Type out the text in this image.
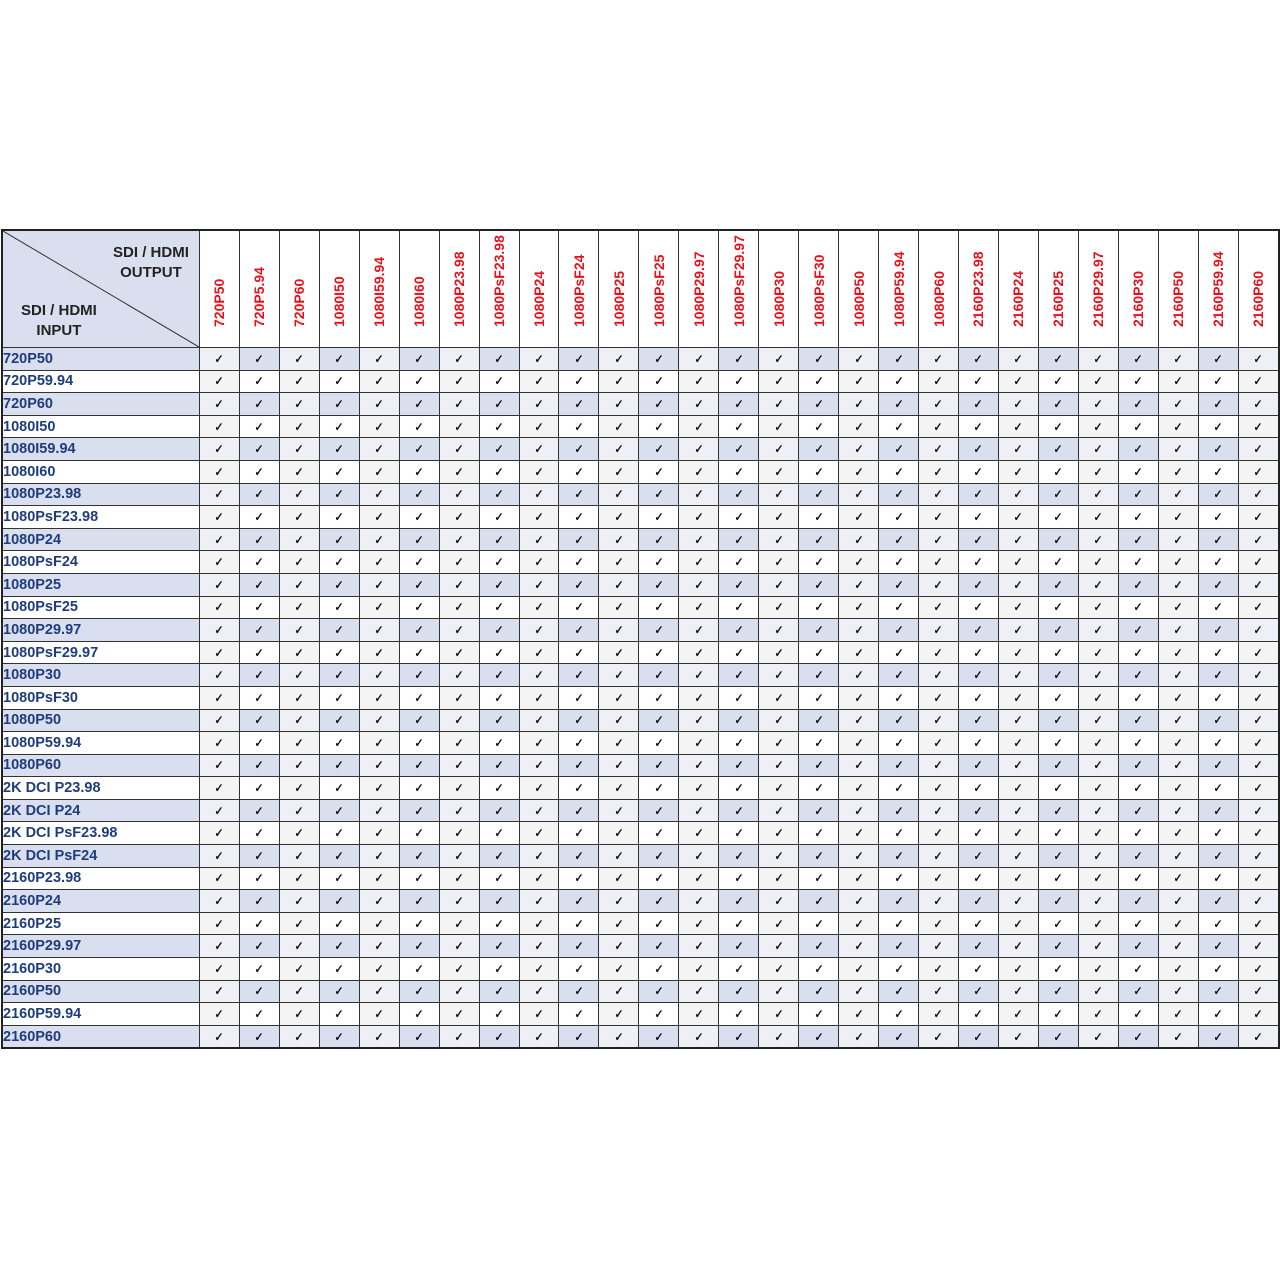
SDI / HDMI
OUTPUT
SDI / HDMI
INPUT	720P50	720P5.94	720P60	1080I50	1080I59.94	1080I60	1080P23.98	1080PsF23.98	1080P24	1080PsF24	1080P25	1080PsF25	1080P29.97	1080PsF29.97	1080P30	1080PsF30	1080P50	1080P59.94	1080P60	2160P23.98	2160P24	2160P25	2160P29.97	2160P30	2160P50	2160P59.94	2160P60

720P50	✓	✓	✓	✓	✓	✓	✓	✓	✓	✓	✓	✓	✓	✓	✓	✓	✓	✓	✓	✓	✓	✓	✓	✓	✓	✓	✓
720P59.94	✓	✓	✓	✓	✓	✓	✓	✓	✓	✓	✓	✓	✓	✓	✓	✓	✓	✓	✓	✓	✓	✓	✓	✓	✓	✓	✓
720P60	✓	✓	✓	✓	✓	✓	✓	✓	✓	✓	✓	✓	✓	✓	✓	✓	✓	✓	✓	✓	✓	✓	✓	✓	✓	✓	✓
1080I50	✓	✓	✓	✓	✓	✓	✓	✓	✓	✓	✓	✓	✓	✓	✓	✓	✓	✓	✓	✓	✓	✓	✓	✓	✓	✓	✓
1080I59.94	✓	✓	✓	✓	✓	✓	✓	✓	✓	✓	✓	✓	✓	✓	✓	✓	✓	✓	✓	✓	✓	✓	✓	✓	✓	✓	✓
1080I60	✓	✓	✓	✓	✓	✓	✓	✓	✓	✓	✓	✓	✓	✓	✓	✓	✓	✓	✓	✓	✓	✓	✓	✓	✓	✓	✓
1080P23.98	✓	✓	✓	✓	✓	✓	✓	✓	✓	✓	✓	✓	✓	✓	✓	✓	✓	✓	✓	✓	✓	✓	✓	✓	✓	✓	✓
1080PsF23.98	✓	✓	✓	✓	✓	✓	✓	✓	✓	✓	✓	✓	✓	✓	✓	✓	✓	✓	✓	✓	✓	✓	✓	✓	✓	✓	✓
1080P24	✓	✓	✓	✓	✓	✓	✓	✓	✓	✓	✓	✓	✓	✓	✓	✓	✓	✓	✓	✓	✓	✓	✓	✓	✓	✓	✓
1080PsF24	✓	✓	✓	✓	✓	✓	✓	✓	✓	✓	✓	✓	✓	✓	✓	✓	✓	✓	✓	✓	✓	✓	✓	✓	✓	✓	✓
1080P25	✓	✓	✓	✓	✓	✓	✓	✓	✓	✓	✓	✓	✓	✓	✓	✓	✓	✓	✓	✓	✓	✓	✓	✓	✓	✓	✓
1080PsF25	✓	✓	✓	✓	✓	✓	✓	✓	✓	✓	✓	✓	✓	✓	✓	✓	✓	✓	✓	✓	✓	✓	✓	✓	✓	✓	✓
1080P29.97	✓	✓	✓	✓	✓	✓	✓	✓	✓	✓	✓	✓	✓	✓	✓	✓	✓	✓	✓	✓	✓	✓	✓	✓	✓	✓	✓
1080PsF29.97	✓	✓	✓	✓	✓	✓	✓	✓	✓	✓	✓	✓	✓	✓	✓	✓	✓	✓	✓	✓	✓	✓	✓	✓	✓	✓	✓
1080P30	✓	✓	✓	✓	✓	✓	✓	✓	✓	✓	✓	✓	✓	✓	✓	✓	✓	✓	✓	✓	✓	✓	✓	✓	✓	✓	✓
1080PsF30	✓	✓	✓	✓	✓	✓	✓	✓	✓	✓	✓	✓	✓	✓	✓	✓	✓	✓	✓	✓	✓	✓	✓	✓	✓	✓	✓
1080P50	✓	✓	✓	✓	✓	✓	✓	✓	✓	✓	✓	✓	✓	✓	✓	✓	✓	✓	✓	✓	✓	✓	✓	✓	✓	✓	✓
1080P59.94	✓	✓	✓	✓	✓	✓	✓	✓	✓	✓	✓	✓	✓	✓	✓	✓	✓	✓	✓	✓	✓	✓	✓	✓	✓	✓	✓
1080P60	✓	✓	✓	✓	✓	✓	✓	✓	✓	✓	✓	✓	✓	✓	✓	✓	✓	✓	✓	✓	✓	✓	✓	✓	✓	✓	✓
2K DCI P23.98	✓	✓	✓	✓	✓	✓	✓	✓	✓	✓	✓	✓	✓	✓	✓	✓	✓	✓	✓	✓	✓	✓	✓	✓	✓	✓	✓
2K DCI P24	✓	✓	✓	✓	✓	✓	✓	✓	✓	✓	✓	✓	✓	✓	✓	✓	✓	✓	✓	✓	✓	✓	✓	✓	✓	✓	✓
2K DCI PsF23.98	✓	✓	✓	✓	✓	✓	✓	✓	✓	✓	✓	✓	✓	✓	✓	✓	✓	✓	✓	✓	✓	✓	✓	✓	✓	✓	✓
2K DCI PsF24	✓	✓	✓	✓	✓	✓	✓	✓	✓	✓	✓	✓	✓	✓	✓	✓	✓	✓	✓	✓	✓	✓	✓	✓	✓	✓	✓
2160P23.98	✓	✓	✓	✓	✓	✓	✓	✓	✓	✓	✓	✓	✓	✓	✓	✓	✓	✓	✓	✓	✓	✓	✓	✓	✓	✓	✓
2160P24	✓	✓	✓	✓	✓	✓	✓	✓	✓	✓	✓	✓	✓	✓	✓	✓	✓	✓	✓	✓	✓	✓	✓	✓	✓	✓	✓
2160P25	✓	✓	✓	✓	✓	✓	✓	✓	✓	✓	✓	✓	✓	✓	✓	✓	✓	✓	✓	✓	✓	✓	✓	✓	✓	✓	✓
2160P29.97	✓	✓	✓	✓	✓	✓	✓	✓	✓	✓	✓	✓	✓	✓	✓	✓	✓	✓	✓	✓	✓	✓	✓	✓	✓	✓	✓
2160P30	✓	✓	✓	✓	✓	✓	✓	✓	✓	✓	✓	✓	✓	✓	✓	✓	✓	✓	✓	✓	✓	✓	✓	✓	✓	✓	✓
2160P50	✓	✓	✓	✓	✓	✓	✓	✓	✓	✓	✓	✓	✓	✓	✓	✓	✓	✓	✓	✓	✓	✓	✓	✓	✓	✓	✓
2160P59.94	✓	✓	✓	✓	✓	✓	✓	✓	✓	✓	✓	✓	✓	✓	✓	✓	✓	✓	✓	✓	✓	✓	✓	✓	✓	✓	✓
2160P60	✓	✓	✓	✓	✓	✓	✓	✓	✓	✓	✓	✓	✓	✓	✓	✓	✓	✓	✓	✓	✓	✓	✓	✓	✓	✓	✓
